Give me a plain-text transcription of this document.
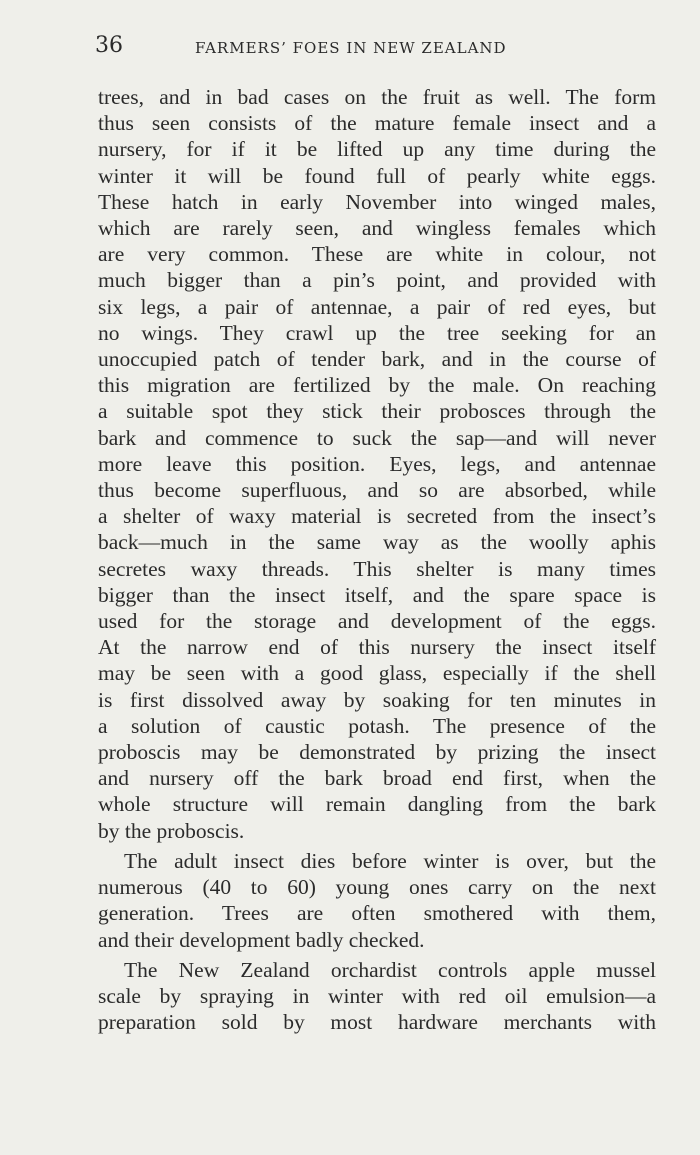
36	FARMERS’ FOES IN NEW ZEALAND
trees, and in bad cases on the fruit as well. The form
thus seen consists of the mature female insect and a
nursery, for if it be lifted up any time during the
winter it will be found full of pearly white eggs.
These hatch in early November into winged males,
which are rarely seen, and wingless females which
are very common. These are white in colour, not
much bigger than a pin’s point, and provided with
six legs, a pair of antennae, a pair of red eyes, but
no wings. They crawl up the tree seeking for an
unoccupied patch of tender bark, and in the course of
this migration are fertilized by the male. On reaching
a suitable spot they stick their probosces through the
bark and commence to suck the sap—and will never
more leave this position. Eyes, legs, and antennae
thus become superfluous, and so are absorbed, while
a shelter of waxy material is secreted from the insect’s
back—much in the same way as the woolly aphis
secretes waxy threads. This shelter is many times
bigger than the insect itself, and the spare space is
used for the storage and development of the eggs.
At the narrow end of this nursery the insect itself
may be seen with a good glass, especially if the shell
is first dissolved away by soaking for ten minutes in
a solution of caustic potash. The presence of the
proboscis may be demonstrated by prizing the insect
and nursery off the bark broad end first, when the
whole structure will remain dangling from the bark
by the proboscis.
The adult insect dies before winter is over, but the
numerous (40 to 60) young ones carry on the next
generation. Trees are often smothered with them,
and their development badly checked.
The New Zealand orchardist controls apple mussel
scale by spraying in winter with red oil emulsion—a
preparation sold by most hardware merchants with
